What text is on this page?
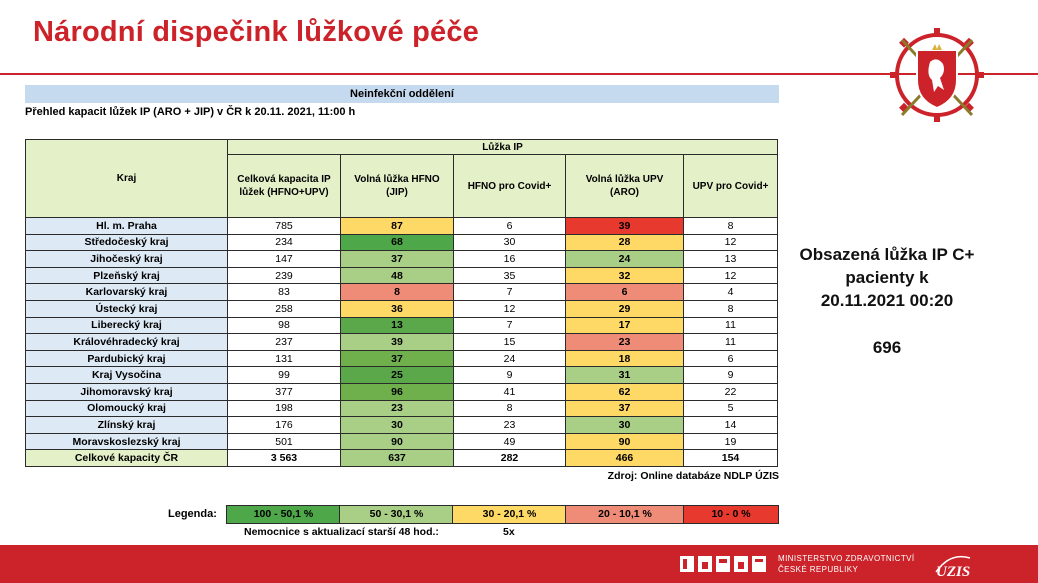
Národní dispečink lůžkové péče
Neinfekční oddělení
Přehled kapacit lůžek IP (ARO + JIP) v ČR k 20.11. 2021, 11:00 h
Kraj	Lůžka IP				
	Celková kapacita IP lůžek (HFNO+UPV)	Volná lůžka HFNO (JIP)	HFNO pro Covid+	Volná lůžka UPV (ARO)	UPV pro Covid+
Hl. m. Praha	785	87	6	39	8
Středočeský kraj	234	68	30	28	12
Jihočeský kraj	147	37	16	24	13
Plzeňský kraj	239	48	35	32	12
Karlovarský kraj	83	8	7	6	4
Ústecký kraj	258	36	12	29	8
Liberecký kraj	98	13	7	17	11
Královéhradecký kraj	237	39	15	23	11
Pardubický kraj	131	37	24	18	6
Kraj Vysočina	99	25	9	31	9
Jihomoravský kraj	377	96	41	62	22
Olomoucký kraj	198	23	8	37	5
Zlínský kraj	176	30	23	30	14
Moravskoslezský kraj	501	90	49	90	19
Celkové kapacity ČR	3 563	637	282	466	154
Zdroj: Online databáze NDLP ÚZIS
Obsazená lůžka IP C+
pacienty k
20.11.2021 00:20
696
Legenda:	100 - 50,1 %	50 - 30,1 %	30 - 20,1 %	20 - 10,1 %	10 - 0 %
Nemocnice s aktualizací starší 48 hod.:	5x
MINISTERSTVO ZDRAVOTNICTVÍ
ČESKÉ REPUBLIKY	ÚZIS
